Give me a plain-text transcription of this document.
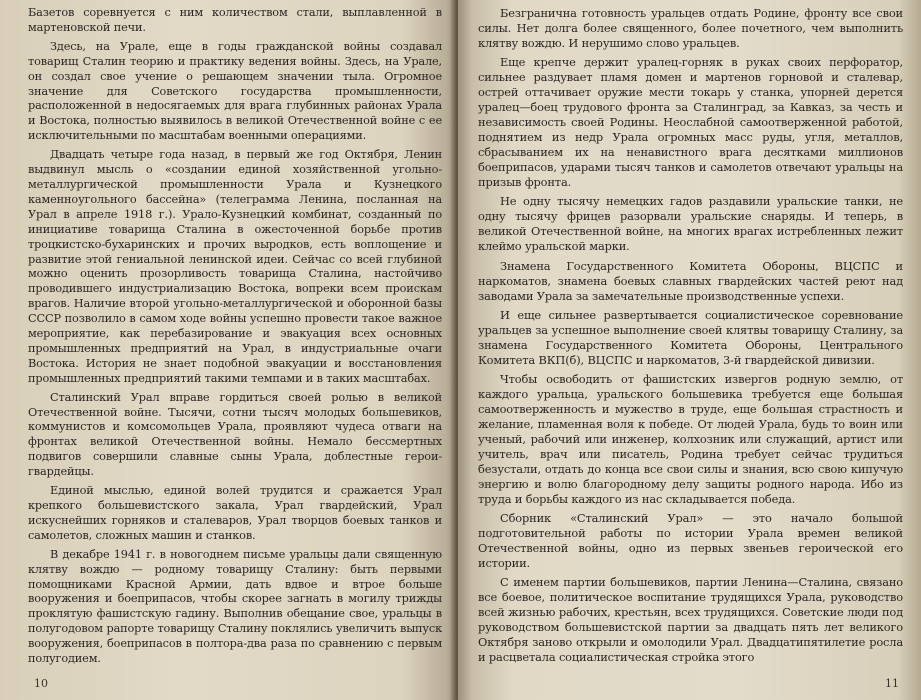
Базетов соревнуется с ним количеством стали, выплавленной в мартеновской печи.

Здесь, на Урале, еще в годы гражданской войны создавал товарищ Сталин теорию и практику ведения войны. Здесь, на Урале, он создал свое учение о решающем значении тыла. Огромное значение для Советского государства промышленности, расположенной в недосягаемых для врага глубинных районах Урала и Востока, полностью выявилось в великой Отечественной войне с ее исключительными по масштабам военными операциями.

Двадцать четыре года назад, в первый же год Октября, Ленин выдвинул мысль о «создании единой хозяйственной угольно-металлургической промышленности Урала и Кузнецкого каменноугольного бассейна» (телеграмма Ленина, посланная на Урал в апреле 1918 г.). Урало-Кузнецкий комбинат, созданный по инициативе товарища Сталина в ожесточенной борьбе против троцкистско-бухаринских и прочих выродков, есть воплощение и развитие этой гениальной ленинской идеи. Сейчас со всей глубиной можно оценить прозорливость товарища Сталина, настойчиво проводившего индустриализацию Востока, вопреки всем проискам врагов. Наличие второй угольно-металлургической и оборонной базы СССР позволило в самом ходе войны успешно провести такое важное мероприятие, как перебазирование и эвакуация всех основных промышленных предприятий на Урал, в индустриальные очаги Востока. История не знает подобной эвакуации и восстановления промышленных предприятий такими темпами и в таких масштабах.

Сталинский Урал вправе гордиться своей ролью в великой Отечественной войне. Тысячи, сотни тысяч молодых большевиков, коммунистов и комсомольцев Урала, проявляют чудеса отваги на фронтах великой Отечественной войны. Немало бессмертных подвигов совершили славные сыны Урала, доблестные герои-гвардейцы.

Единой мыслью, единой волей трудится и сражается Урал крепкого большевистского закала, Урал гвардейский, Урал искуснейших горняков и сталеваров, Урал творцов боевых танков и самолетов, сложных машин и станков.

В декабре 1941 г. в новогоднем письме уральцы дали священную клятву вождю — родному товарищу Сталину: быть первыми помощниками Красной Армии, дать вдвое и втрое больше вооружения и боеприпасов, чтобы скорее загнать в могилу трижды проклятую фашистскую гадину. Выполнив обещание свое, уральцы в полугодовом рапорте товарищу Сталину поклялись увеличить выпуск вооружения, боеприпасов в полтора-два раза по сравнению с первым полугодием.

10

Безгранична готовность уральцев отдать Родине, фронту все свои силы. Нет долга более священного, более почетного, чем выполнить клятву вождю. И нерушимо слово уральцев.

Еще крепче держит уралец-горняк в руках своих перфоратор, сильнее раздувает пламя домен и мартенов горновой и сталевар, острей оттачивает оружие мести токарь у станка, упорней дерется уралец—боец трудового фронта за Сталинград, за Кавказ, за честь и независимость своей Родины. Неослабной самоотверженной работой, поднятием из недр Урала огромных масс руды, угля, металлов, сбрасыванием их на ненавистного врага десятками миллионов боеприпасов, ударами тысяч танков и самолетов отвечают уральцы на призыв фронта.

Не одну тысячу немецких гадов раздавили уральские танки, не одну тысячу фрицев разорвали уральские снаряды. И теперь, в великой Отечественной войне, на многих врагах истребленных лежит клеймо уральской марки.

Знамена Государственного Комитета Обороны, ВЦСПС и наркоматов, знамена боевых славных гвардейских частей реют над заводами Урала за замечательные производственные успехи.

И еще сильнее развертывается социалистическое соревнование уральцев за успешное выполнение своей клятвы товарищу Сталину, за знамена Государственного Комитета Обороны, Центрального Комитета ВКП(б), ВЦСПС и наркоматов, 3-й гвардейской дивизии.

Чтобы освободить от фашистских извергов родную землю, от каждого уральца, уральского большевика требуется еще большая самоотверженность и мужество в труде, еще большая страстность и желание, пламенная воля к победе. От людей Урала, будь то воин или ученый, рабочий или инженер, колхозник или служащий, артист или учитель, врач или писатель, Родина требует сейчас трудиться безустали, отдать до конца все свои силы и знания, всю свою кипучую энергию и волю благородному делу защиты родного народа. Ибо из труда и борьбы каждого из нас складывается победа.

Сборник «Сталинский Урал» — это начало большой подготовительной работы по истории Урала времен великой Отечественной войны, одно из первых звеньев героической его истории.

С именем партии большевиков, партии Ленина—Сталина, связано все боевое, политическое воспитание трудящихся Урала, руководство всей жизнью рабочих, крестьян, всех трудящихся. Советские люди под руководством большевистской партии за двадцать пять лет великого Октября заново открыли и омолодили Урал. Двадцатипятилетие росла и расцветала социалистическая стройка этого

11
